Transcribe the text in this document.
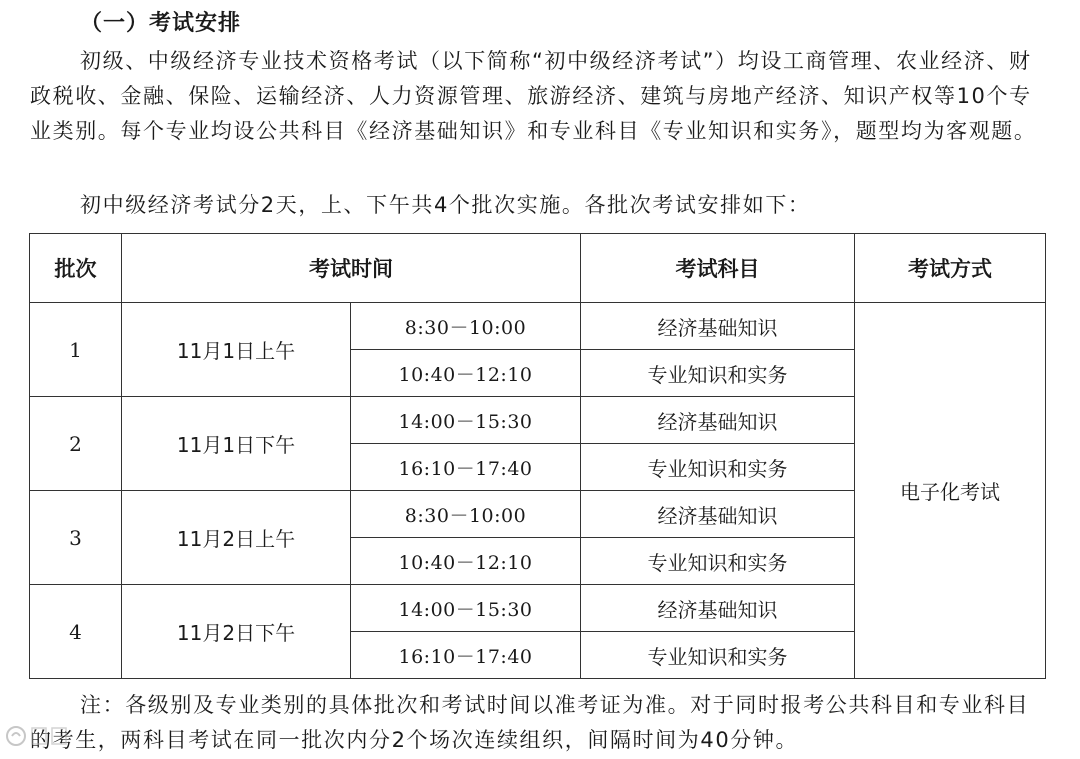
（一）考试安排

初级、中级经济专业技术资格考试（以下简称“初中级经济考试”）均设工商管理、农业经济、财政税收、金融、保险、运输经济、人力资源管理、旅游经济、建筑与房地产经济、知识产权等10个专业类别。每个专业均设公共科目《经济基础知识》和专业科目《专业知识和实务》，题型均为客观题。

初中级经济考试分2天，上、下午共4个批次实施。各批次考试安排如下：

批次	考试时间		考试科目	考试方式
1	11月1日上午	8:30－10:00	经济基础知识	电子化考试
		10:40－12:10	专业知识和实务	
2	11月1日下午	14:00－15:30	经济基础知识	
		16:10－17:40	专业知识和实务	
3	11月2日上午	8:30－10:00	经济基础知识	
		10:40－12:10	专业知识和实务	
4	11月2日下午	14:00－15:30	经济基础知识	
		16:10－17:40	专业知识和实务	

注：各级别及专业类别的具体批次和考试时间以准考证为准。对于同时报考公共科目和专业科目的考生，两科目考试在同一批次内分2个场次连续组织，间隔时间为40分钟。
